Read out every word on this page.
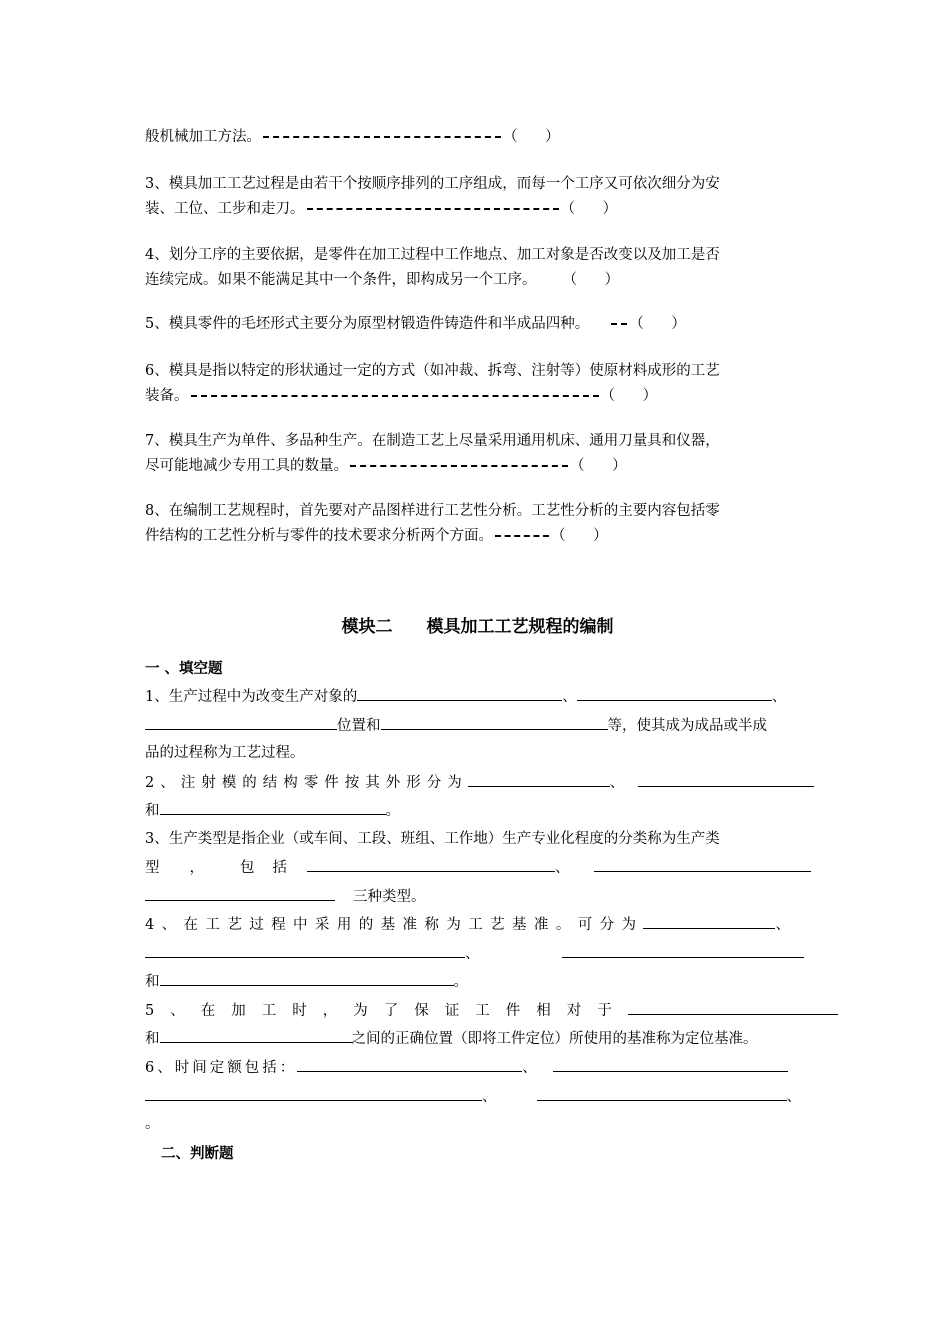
般机械加工方法。	（      ）
3、模具加工工艺过程是由若干个按顺序排列的工序组成，而每一个工序又可依次细分为安
装、工位、工步和走刀。	（      ）
4、划分工序的主要依据，是零件在加工过程中工作地点、加工对象是否改变以及加工是否
连续完成。如果不能满足其中一个条件，即构成另一个工序。 （      ）
5、模具零件的毛坯形式主要分为原型材锻造件铸造件和半成品四种。	（      ）
6、模具是指以特定的形状通过一定的方式（如冲裁、拆弯、注射等）使原材料成形的工艺
装备。	（      ）
7、模具生产为单件、多品种生产。在制造工艺上尽量采用通用机床、通用刀量具和仪器，
尽可能地减少专用工具的数量。	（      ）
8、在编制工艺规程时，首先要对产品图样进行工艺性分析。工艺性分析的主要内容包括零
件结构的工艺性分析与零件的技术要求分析两个方面。	（      ）
模块二　　模具加工工艺规程的编制
一 、填空题
1、生产过程中为改变生产对象的	、	、
位置和	等，使其成为成品或半成
品的过程称为工艺过程。
2、注射模的结构零件按其外形分为	、
和	。
3、生产类型是指企业（或车间、工段、班组、工作地）生产专业化程度的分类称为生产类
型 ， 包 括	、
三种类型。
4、在工艺过程中采用的基准称为工艺基准。可分为	、
、
和	。
5、在加工时，为了保证工件相对于
和	之间的正确位置（即将工件定位）所使用的基准称为定位基准。
6、时间定额包括：	、
、	、
。
二、判断题
